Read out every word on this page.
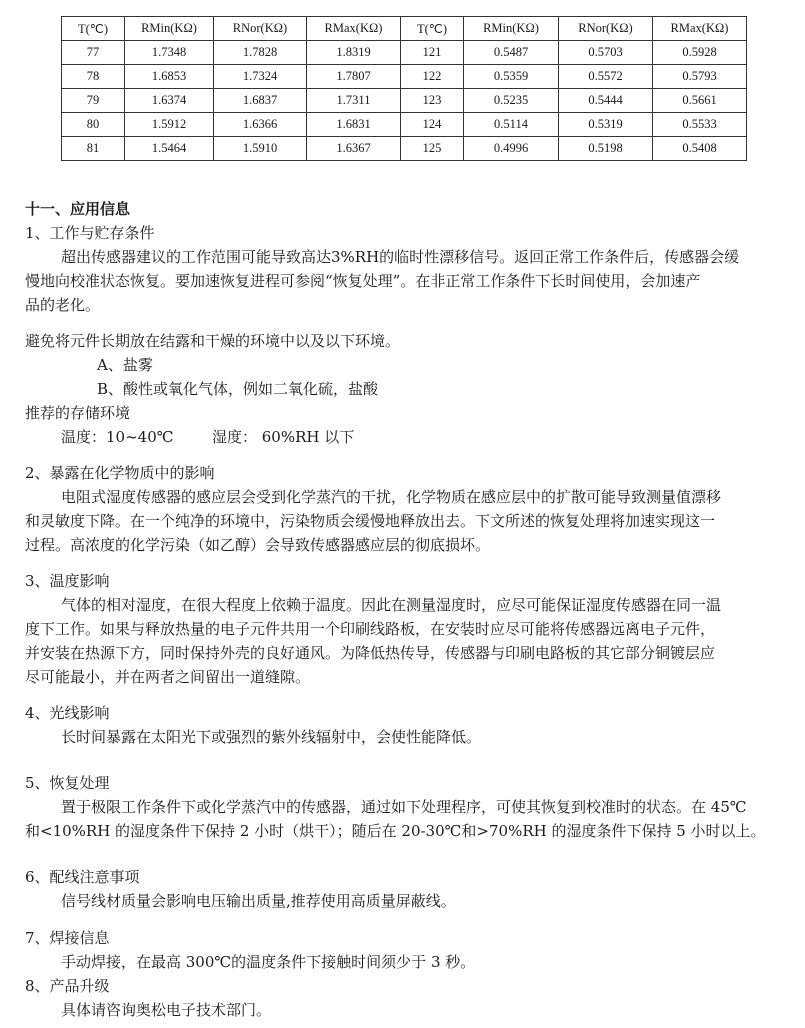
T(℃)	RMin(KΩ)	RNor(KΩ)	RMax(KΩ)	T(℃)	RMin(KΩ)	RNor(KΩ)	RMax(KΩ)
77	1.7348	1.7828	1.8319	121	0.5487	0.5703	0.5928
78	1.6853	1.7324	1.7807	122	0.5359	0.5572	0.5793
79	1.6374	1.6837	1.7311	123	0.5235	0.5444	0.5661
80	1.5912	1.6366	1.6831	124	0.5114	0.5319	0.5533
81	1.5464	1.5910	1.6367	125	0.4996	0.5198	0.5408
十一、应用信息
1、工作与贮存条件
超出传感器建议的工作范围可能导致高达3%RH的临时性漂移信号。返回正常工作条件后，传感器会缓
慢地向校准状态恢复。要加速恢复进程可参阅“恢复处理”。在非正常工作条件下长时间使用，会加速产
品的老化。
避免将元件长期放在结露和干燥的环境中以及以下环境。
A、盐雾
B、酸性或氧化气体，例如二氧化硫，盐酸
推荐的存储环境
温度：10~40℃	湿度： 60%RH 以下
2、暴露在化学物质中的影响
电阻式湿度传感器的感应层会受到化学蒸汽的干扰，化学物质在感应层中的扩散可能导致测量值漂移
和灵敏度下降。在一个纯净的环境中，污染物质会缓慢地释放出去。下文所述的恢复处理将加速实现这一
过程。高浓度的化学污染（如乙醇）会导致传感器感应层的彻底损坏。
3、温度影响
气体的相对湿度，在很大程度上依赖于温度。因此在测量湿度时，应尽可能保证湿度传感器在同一温
度下工作。如果与释放热量的电子元件共用一个印刷线路板，在安装时应尽可能将传感器远离电子元件，
并安装在热源下方，同时保持外壳的良好通风。为降低热传导，传感器与印刷电路板的其它部分铜镀层应
尽可能最小，并在两者之间留出一道缝隙。
4、光线影响
长时间暴露在太阳光下或强烈的紫外线辐射中，会使性能降低。
5、恢复处理
置于极限工作条件下或化学蒸汽中的传感器，通过如下处理程序，可使其恢复到校准时的状态。在 45℃
和<10%RH 的湿度条件下保持 2 小时（烘干）；随后在 20-30℃和>70%RH 的湿度条件下保持 5 小时以上。
6、配线注意事项
信号线材质量会影响电压输出质量,推荐使用高质量屏蔽线。
7、焊接信息
手动焊接，在最高 300℃的温度条件下接触时间须少于 3 秒。
8、产品升级
具体请咨询奥松电子技术部门。
